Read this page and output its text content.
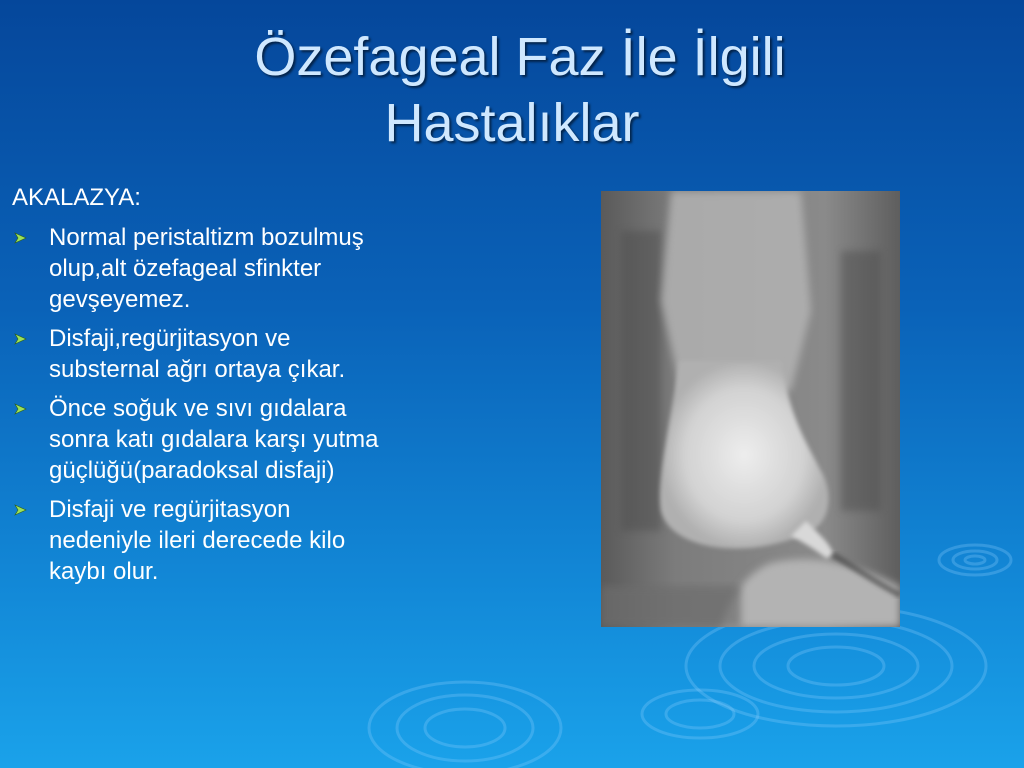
Özefageal Faz İle İlgili
Hastalıklar
AKALAZYA:
Normal peristaltizm bozulmuş
olup,alt özefageal sfinkter
gevşeyemez.
Disfaji,regürjitasyon ve
substernal ağrı ortaya çıkar.
Önce soğuk ve sıvı gıdalara
sonra katı gıdalara karşı yutma
güçlüğü(paradoksal disfaji)
Disfaji ve regürjitasyon
nedeniyle ileri derecede kilo
kaybı olur.
